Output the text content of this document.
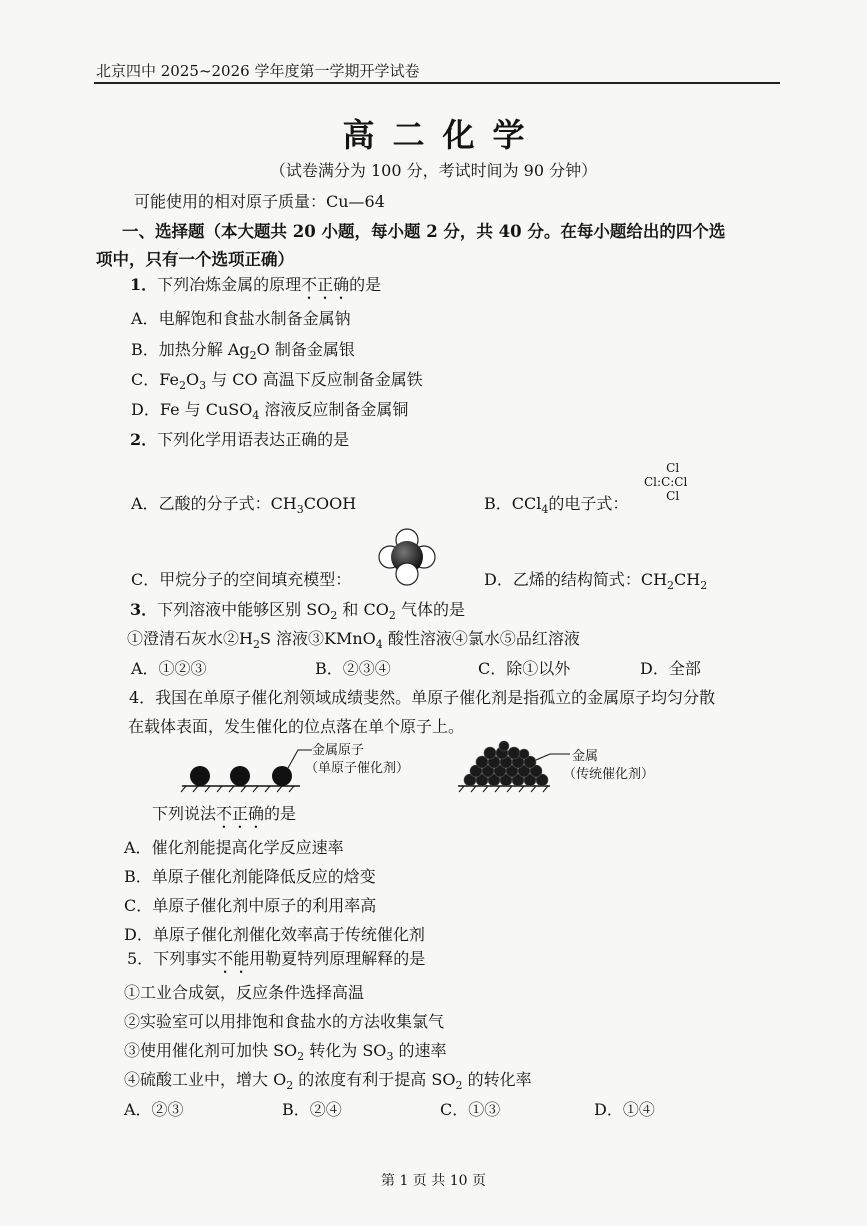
北京四中 2025~2026 学年度第一学期开学试卷
高二化学
（试卷满分为 100 分，考试时间为 90 分钟）
可能使用的相对原子质量：Cu—64
一、选择题（本大题共 20 小题，每小题 2 分，共 40 分。在每小题给出的四个选
项中，只有一个选项正确）
1．下列冶炼金属的原理不正确的是
A．电解饱和食盐水制备金属钠
B．加热分解 $Ag_2O$ 制备金属银
C．$Fe_2O_3$ 与 CO 高温下反应制备金属铁
D．Fe 与 CuSO$_4$ 溶液反应制备金属铜
2．下列化学用语表达正确的是
A．乙酸的分子式：$CH_3COOH$	B．CCl$_4$的电子式：
Cl
Cl:C:Cl
Cl
C．甲烷分子的空间填充模型：	D．乙烯的结构简式：$CH_2CH_2$
3．下列溶液中能够区别 $SO_2$ 和 $CO_2$ 气体的是
①澄清石灰水$②H_2S$ 溶液③KMnO$_4$ 酸性溶液④氯水⑤品红溶液
A．①②③	B．②③④	C．除①以外	D．全部
4．我国在单原子催化剂领域成绩斐然。单原子催化剂是指孤立的金属原子均匀分散
在载体表面，发生催化的位点落在单个原子上。
金属原子
（单原子催化剂）
金属
（传统催化剂）
下列说法不正确的是
A．催化剂能提高化学反应速率
B．单原子催化剂能降低反应的焓变
C．单原子催化剂中原子的利用率高
D．单原子催化剂催化效率高于传统催化剂
5．下列事实不能用勒夏特列原理解释的是
①工业合成氨，反应条件选择高温
②实验室可以用排饱和食盐水的方法收集氯气
③使用催化剂可加快 $SO_2$ 转化为 $SO_3$ 的速率
④硫酸工业中，增大 $O_2$ 的浓度有利于提高 $SO_2$ 的转化率
A．②③	B．②④	C．①③	D．①④
第 1 页 共 10 页
